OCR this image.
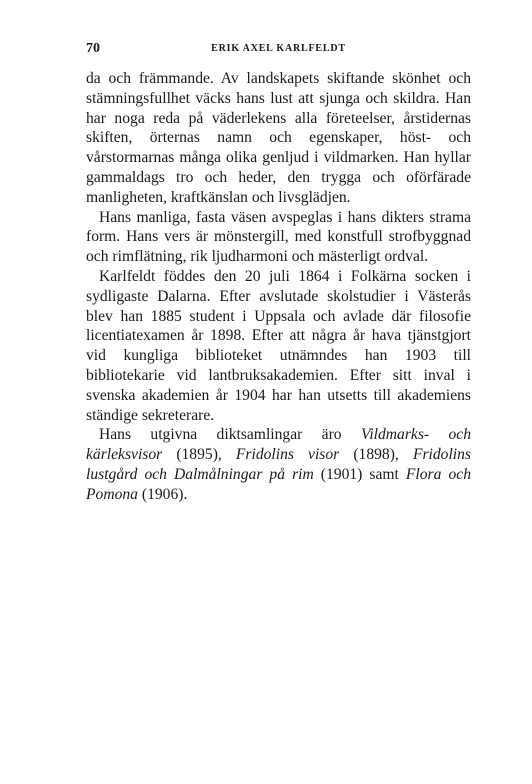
70	ERIK AXEL KARLFELDT

da och främmande. Av landskapets skiftande skönhet och stämningsfullhet väcks hans lust att sjunga och skildra. Han har noga reda på väderlekens alla företeelser, årstidernas skiften, örternas namn och egenskaper, höst- och vårstormarnas många olika genljud i vildmarken. Han hyllar gammaldags tro och heder, den trygga och oförfärade manligheten, kraftkänslan och livsglädjen.

Hans manliga, fasta väsen avspeglas i hans dikters strama form. Hans vers är mönstergill, med konstfull strofbyggnad och rimflätning, rik ljudharmoni och mästerligt ordval.

Karlfeldt föddes den 20 juli 1864 i Folkärna socken i sydligaste Dalarna. Efter avslutade skolstudier i Västerås blev han 1885 student i Uppsala och avlade där filosofie licentiatexamen år 1898. Efter att några år hava tjänstgjort vid kungliga biblioteket utnämndes han 1903 till bibliotekarie vid lantbruksakademien. Efter sitt inval i svenska akademien år 1904 har han utsetts till akademiens ständige sekreterare.

Hans utgivna diktsamlingar äro Vildmarks- och kärleksvisor (1895), Fridolins visor (1898), Fridolins lustgård och Dalmålningar på rim (1901) samt Flora och Pomona (1906).
